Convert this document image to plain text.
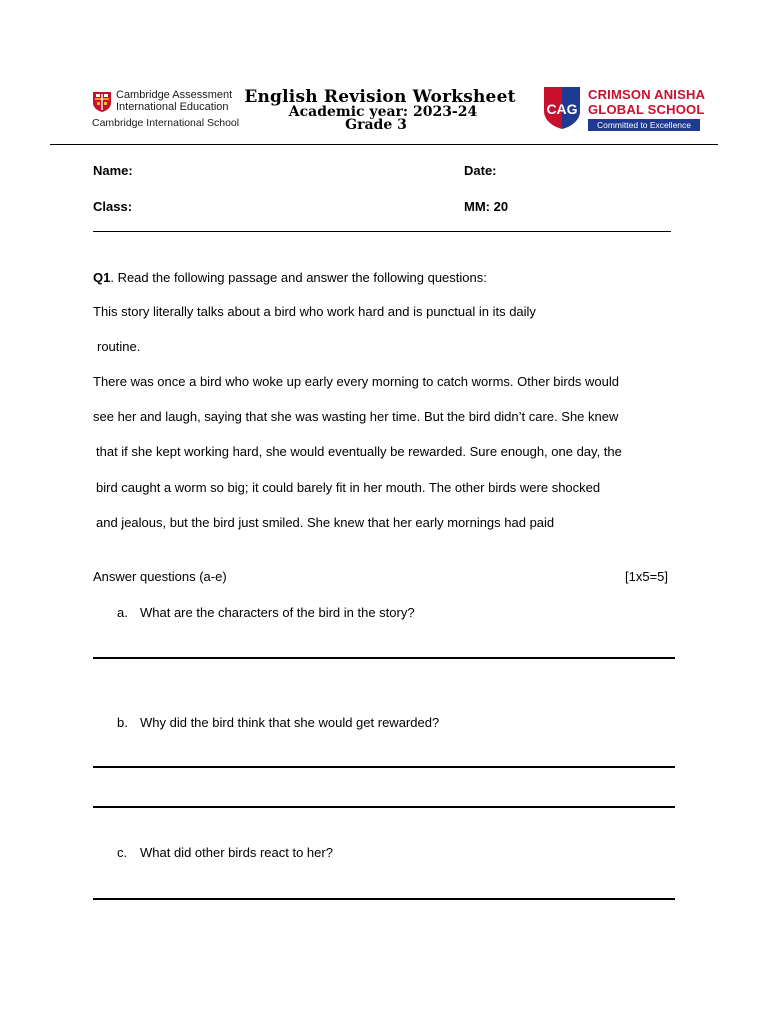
Cambridge Assessment
International Education
Cambridge International School
English Revision Worksheet
Academic year: 2023-24
Grade 3
CAG
CRIMSON ANISHA
GLOBAL SCHOOL
Committed to Excellence
Name:	Date:
Class:	MM: 20
Q1. Read the following passage and answer the following questions:
This story literally talks about a bird who work hard and is punctual in its daily
routine.
There was once a bird who woke up early every morning to catch worms. Other birds would
see her and laugh, saying that she was wasting her time. But the bird didn’t care. She knew
that if she kept working hard, she would eventually be rewarded. Sure enough, one day, the
bird caught a worm so big; it could barely fit in her mouth. The other birds were shocked
and jealous, but the bird just smiled. She knew that her early mornings had paid
Answer questions (a-e)	[1x5=5]
a. What are the characters of the bird in the story?
b. Why did the bird think that she would get rewarded?
c. What did other birds react to her?
